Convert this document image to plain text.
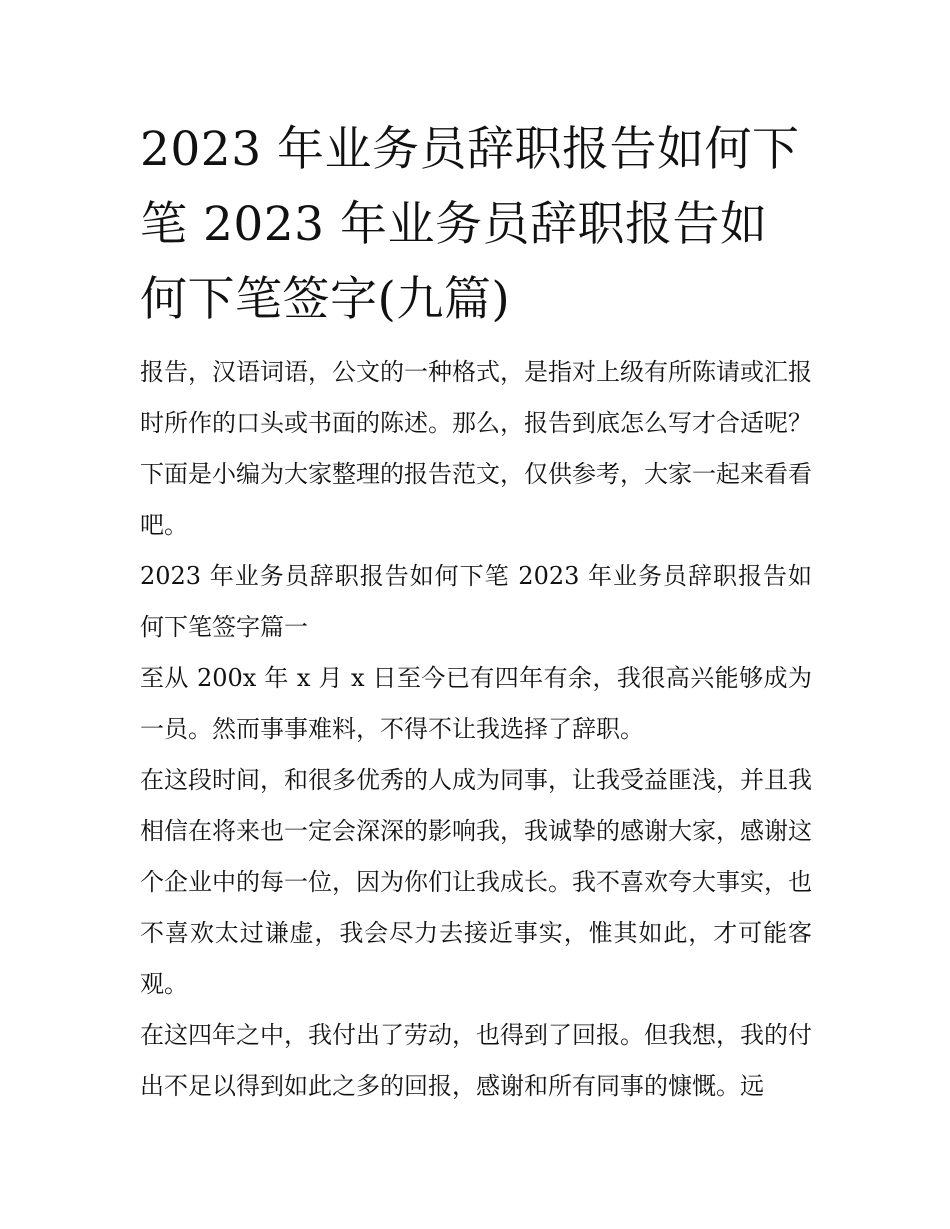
2023 年业务员辞职报告如何下
笔 2023 年业务员辞职报告如
何下笔签字(九篇)

报告，汉语词语，公文的一种格式，是指对上级有所陈请或汇报时所作的口头或书面的陈述。那么，报告到底怎么写才合适呢？下面是小编为大家整理的报告范文，仅供参考，大家一起来看看吧。

2023 年业务员辞职报告如何下笔 2023 年业务员辞职报告如何下笔签字篇一

至从 200x 年 x 月 x 日至今已有四年有余，我很高兴能够成为一员。然而事事难料，不得不让我选择了辞职。

在这段时间，和很多优秀的人成为同事，让我受益匪浅，并且我相信在将来也一定会深深的影响我，我诚挚的感谢大家，感谢这个企业中的每一位，因为你们让我成长。我不喜欢夸大事实，也不喜欢太过谦虚，我会尽力去接近事实，惟其如此，才可能客观。

在这四年之中，我付出了劳动，也得到了回报。但我想，我的付出不足以得到如此之多的回报，感谢和所有同事的慷慨。远
